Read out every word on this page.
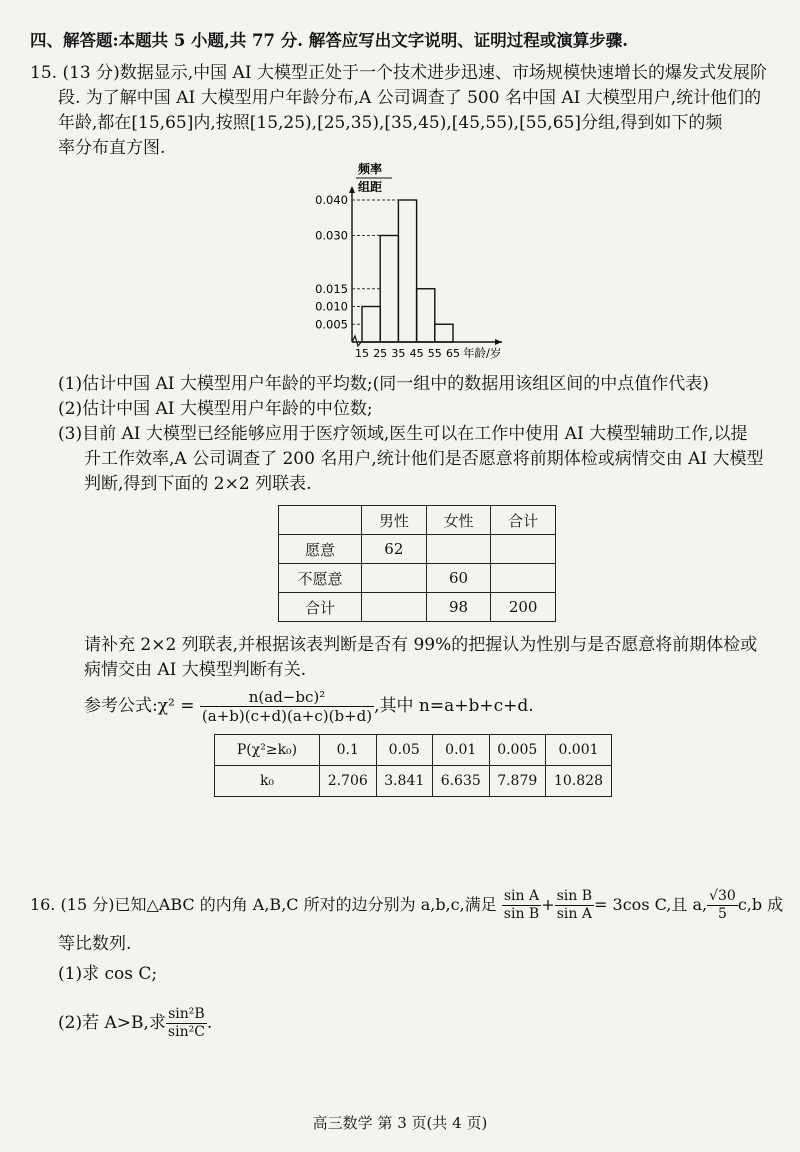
四、解答题:本题共 5 小题,共 77 分. 解答应写出文字说明、证明过程或演算步骤.
15. (13 分)数据显示,中国 AI 大模型正处于一个技术进步迅速、市场规模快速增长的爆发式发展阶
段. 为了解中国 AI 大模型用户年龄分布,A 公司调查了 500 名中国 AI 大模型用户,统计他们的
年龄,都在[15,65]内,按照[15,25),[25,35),[35,45),[45,55),[55,65]分组,得到如下的频
率分布直方图.
频率
组距
0.040
0.030
0.015
0.010
0.005
15 25 35 45 55 65 年龄/岁
(1)估计中国 AI 大模型用户年龄的平均数;(同一组中的数据用该组区间的中点值作代表)
(2)估计中国 AI 大模型用户年龄的中位数;
(3)目前 AI 大模型已经能够应用于医疗领域,医生可以在工作中使用 AI 大模型辅助工作,以提
升工作效率,A 公司调查了 200 名用户,统计他们是否愿意将前期体检或病情交由 AI 大模型
判断,得到下面的 2×2 列联表.
	男性	女性	合计
愿意	62		
不愿意		60	
合计		98	200
请补充 2×2 列联表,并根据该表判断是否有 99%的把握认为性别与是否愿意将前期体检或
病情交由 AI 大模型判断有关.
参考公式:χ² = $\frac{\text{n(ad−bc)²}}{(a+b)(c+d)(a+c)(b+d)}$ ,其中 n=a+b+c+d.
P(χ²≥k₀)	0.1	0.05	0.01	0.005	0.001
k₀	2.706	3.841	6.635	7.879	10.828
16. (15 分)已知△ABC 的内角 A,B,C 所对的边分别为 a,b,c,满足 $\frac{\text{sin A}}{\text{sin B}} + \frac{\text{sin B}}{\text{sin A}} = 3\cos$ C,且 a, $\frac{√30}{5} c,b$ 成
等比数列.
(1)求 cos C;
(2)若 A>B,求 $\frac{\text{sin²B}}{\text{sin²C}}$ .
高三数学 第 3 页(共 4 页)
